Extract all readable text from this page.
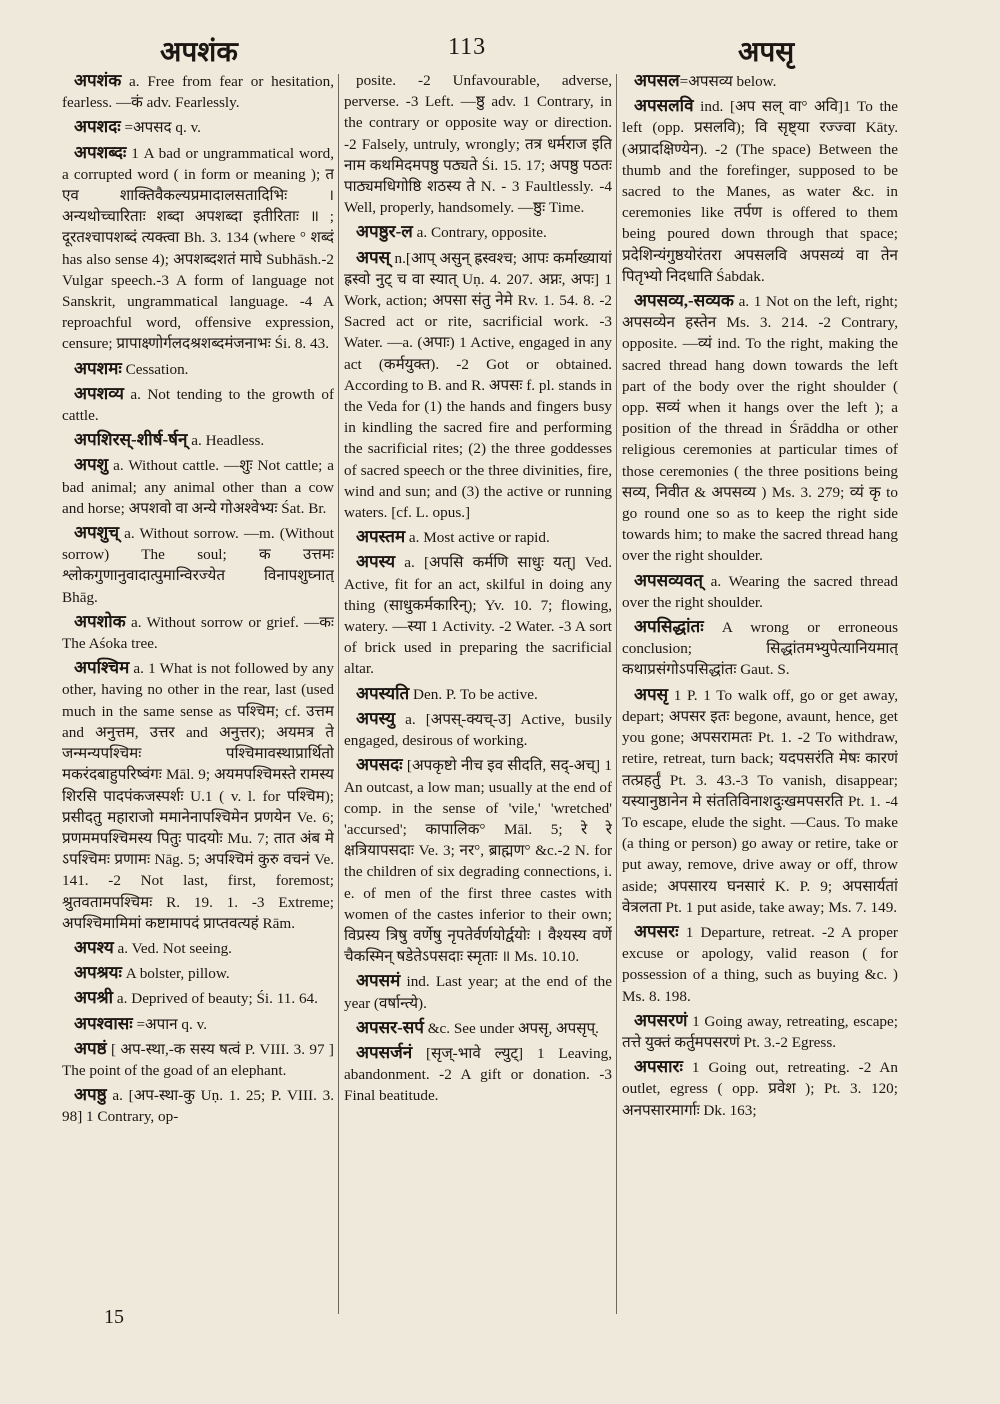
अपशंक	113	अपसृ

अपशंक a. Free from fear or hesitation, fearless. —कं adv. Fearlessly.

अपशदः =अपसद q. v.

अपशब्दः 1 A bad or ungrammatical word, a corrupted word ( in form or meaning ); त एव शाक्तिवैकल्यप्रमादालसतादिभिः । अन्यथोच्चारिताः शब्दा अपशब्दा इतीरिताः ॥ ; दूरतश्चापशब्दं त्यक्त्वा Bh. 3. 134 (where ° शब्दं has also sense 4); अपशब्दशतं माघे Subhāsh.-2 Vulgar speech.-3 A form of language not Sanskrit, ungrammatical language. -4 A reproachful word, offensive expression, censure; प्रापाक्ष्णोर्गलदश्रशब्दमंजनाभः Śi. 8. 43.

अपशमः Cessation.

अपशव्य a. Not tending to the growth of cattle.

अपशिरस्-शीर्ष-र्षन् a. Headless.

अपशु a. Without cattle. —शुः Not cattle; a bad animal; any animal other than a cow and horse; अपशवो वा अन्ये गोअश्वेभ्यः Śat. Br.

अपशुच् a. Without sorrow. —m. (Without sorrow) The soul; क उत्तमः श्लोकगुणानुवादात्पुमान्विरज्येत विनापशुघ्नात् Bhāg.

अपशोक a. Without sorrow or grief. —कः The Aśoka tree.

अपश्चिम a. 1 What is not followed by any other, having no other in the rear, last (used much in the same sense as पश्चिम; cf. उत्तम and अनुत्तम, उत्तर and अनुत्तर); अयमत्र ते जन्मन्यपश्चिमः पश्चिमावस्थाप्रार्थितो मकरंदबाहुपरिष्वंगः Māl. 9; अयमपश्चिमस्ते रामस्य शिरसि पादपंकजस्पर्शः U.1 ( v. l. for पश्चिम); प्रसीदतु महाराजो ममानेनापश्चिमेन प्रणयेन Ve. 6; प्रणममपश्चिमस्य पितुः पादयोः Mu. 7; तात अंब मे ऽपश्चिमः प्रणामः Nāg. 5; अपश्चिमं कुरु वचनं Ve. 141. -2 Not last, first, foremost; श्रुतवतामपश्चिमः R. 19. 1. -3 Extreme; अपश्चिमामिमां कष्टामापदं प्राप्तवत्यहं Rām.

अपश्य a. Ved. Not seeing.

अपश्रयः A bolster, pillow.

अपश्री a. Deprived of beauty; Śi. 11. 64.

अपश्वासः =अपान q. v.

अपष्ठं [ अप-स्था,-क सस्य षत्वं P. VIII. 3. 97 ] The point of the goad of an elephant.

अपष्ठु a. [अप-स्था-कु Uṇ. 1. 25; P. VIII. 3. 98] 1 Contrary, op-

posite. -2 Unfavourable, adverse, perverse. -3 Left. —ष्ठु adv. 1 Contrary, in the contrary or opposite way or direction. -2 Falsely, untruly, wrongly; तत्र धर्मराज इति नाम कथमिदमपष्ठु पठ्यते Śi. 15. 17; अपष्ठु पठतः पाठ्यमधिगोष्ठि शठस्य ते N. - 3 Faultlessly. -4 Well, properly, handsomely. —ष्ठुः Time.

अपष्ठुर-ल a. Contrary, opposite.

अपस् n.[आप् असुन् ह्रस्वश्च; आपः कर्माख्यायां ह्रस्वो नुट् च वा स्यात् Uṇ. 4. 207. अप्नः, अपः] 1 Work, action; अपसा संतु नेमे Rv. 1. 54. 8. -2 Sacred act or rite, sacrificial work. -3 Water. —a. (अपाः) 1 Active, engaged in any act (कर्मयुक्त). -2 Got or obtained. According to B. and R. अपसः f. pl. stands in the Veda for (1) the hands and fingers busy in kindling the sacred fire and performing the sacrificial rites; (2) the three goddesses of sacred speech or the three divinities, fire, wind and sun; and (3) the active or running waters. [cf. L. opus.]

अपस्तम a. Most active or rapid.

अपस्य a. [अपसि कर्मणि साधुः यत्] Ved. Active, fit for an act, skilful in doing any thing (साधुकर्मकारिन्); Yv. 10. 7; flowing, watery. —स्या 1 Activity. -2 Water. -3 A sort of brick used in preparing the sacrificial altar.

अपस्यति Den. P. To be active.

अपस्यु a. [अपस्-क्यच्-उ] Active, busily engaged, desirous of working.

अपसदः [अपकृष्टो नीच इव सीदति, सद्-अच्] 1 An outcast, a low man; usually at the end of comp. in the sense of 'vile,' 'wretched' 'accursed'; कापालिक° Māl. 5; रे रे क्षत्रियापसदाः Ve. 3; नर°, ब्राह्मण° &c.-2 N. for the children of six degrading connections, i. e. of men of the first three castes with women of the castes inferior to their own; विप्रस्य त्रिषु वर्णेषु नृपतेर्वर्णयोर्द्वयोः । वैश्यस्य वर्णे चैकस्मिन् षडेतेऽपसदाः स्मृताः ॥ Ms. 10.10.

अपसमं ind. Last year; at the end of the year (वर्षान्त्ये).

अपसर-सर्प &c. See under अपसृ, अपसृप्.

अपसर्जनं [सृज्-भावे ल्युट्] 1 Leaving, abandonment. -2 A gift or donation. -3 Final beatitude.

अपसल=अपसव्य below.

अपसलवि ind. [अप सल् वा° अवि]1 To the left (opp. प्रसलवि); वि सृष्ट्या रज्ज्वा Kāty. (अप्रादक्षिण्येन). -2 (The space) Between the thumb and the forefinger, supposed to be sacred to the Manes, as water &c. in ceremonies like तर्पण is offered to them being poured down through that space; प्रदेशिन्यंगुष्ठयोरंतरा अपसलवि अपसव्यं वा तेन पितृभ्यो निदधाति Śabdak.

अपसव्य,-सव्यक a. 1 Not on the left, right; अपसव्येन हस्तेन Ms. 3. 214. -2 Contrary, opposite. —व्यं ind. To the right, making the sacred thread hang down towards the left part of the body over the right shoulder ( opp. सव्यं when it hangs over the left ); a position of the thread in Śrāddha or other religious ceremonies at particular times of those ceremonies ( the three positions being सव्य, निवीत & अपसव्य ) Ms. 3. 279; व्यं कृ to go round one so as to keep the right side towards him; to make the sacred thread hang over the right shoulder.

अपसव्यवत् a. Wearing the sacred thread over the right shoulder.

अपसिद्धांतः A wrong or erroneous conclusion; सिद्धांतमभ्युपेत्यानियमात् कथाप्रसंगोऽपसिद्धांतः Gaut. S.

अपसृ 1 P. 1 To walk off, go or get away, depart; अपसर इतः begone, avaunt, hence, get you gone; अपसरामतः Pt. 1. -2 To withdraw, retire, retreat, turn back; यदपसरंति मेषः कारणं तत्प्रहर्तुं Pt. 3. 43.-3 To vanish, disappear; यस्यानुष्ठानेन मे संततिविनाशदुःखमपसरति Pt. 1. -4 To escape, elude the sight. —Caus. To make (a thing or person) go away or retire, take or put away, remove, drive away or off, throw aside; अपसारय घनसारं K. P. 9; अपसार्यतां वेत्रलता Pt. 1 put aside, take away; Ms. 7. 149.

अपसरः 1 Departure, retreat. -2 A proper excuse or apology, valid reason ( for possession of a thing, such as buying &c. ) Ms. 8. 198.

अपसरणं 1 Going away, retreating, escape; तत्ते युक्तं कर्तुमपसरणं Pt. 3.-2 Egress.

अपसारः 1 Going out, retreating. -2 An outlet, egress ( opp. प्रवेश ); Pt. 3. 120; अनपसारमार्गाः Dk. 163;

15
